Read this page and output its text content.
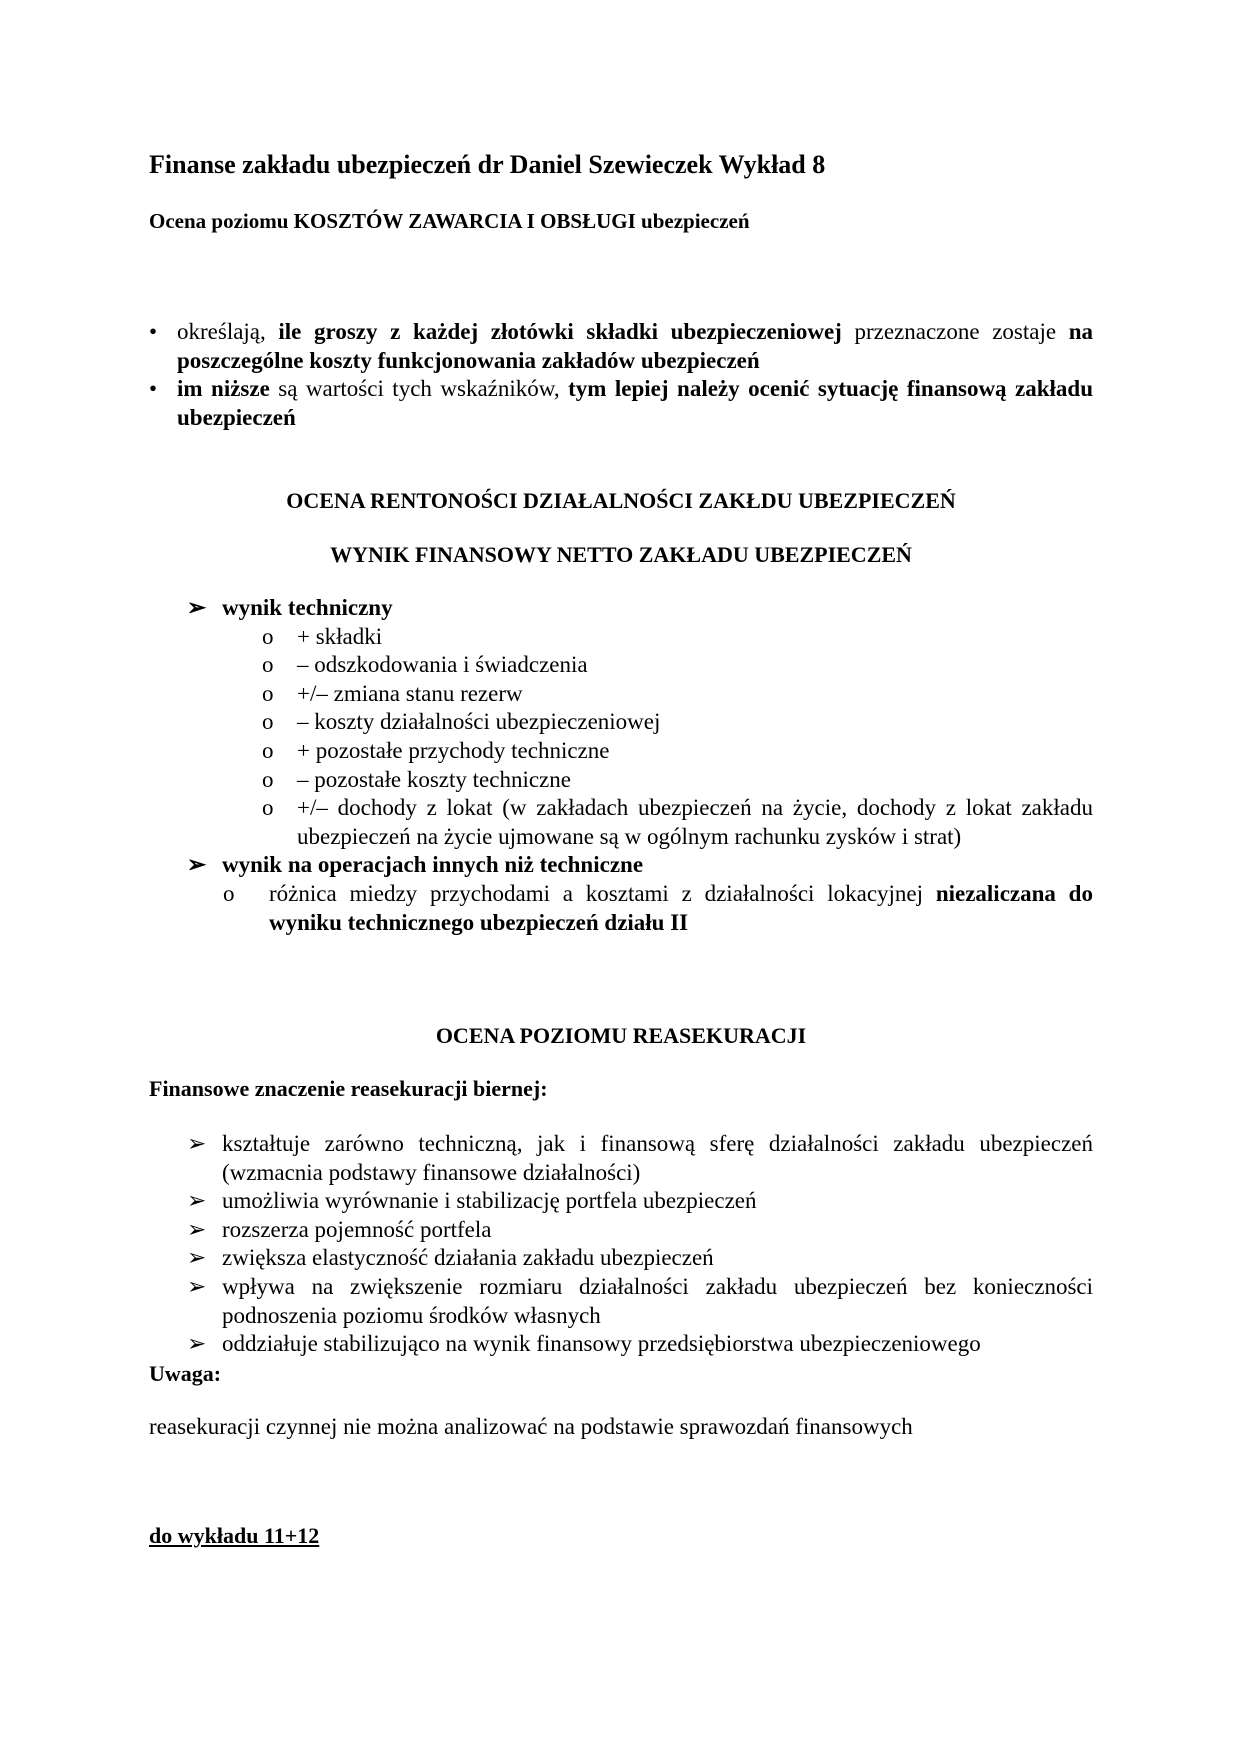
Finanse zakładu ubezpieczeń dr Daniel Szewieczek Wykład 8
Ocena poziomu KOSZTÓW ZAWARCIA I OBSŁUGI ubezpieczeń
• określają, ile groszy z każdej złotówki składki ubezpieczeniowej przeznaczone zostaje na poszczególne koszty funkcjonowania zakładów ubezpieczeń
• im niższe są wartości tych wskaźników, tym lepiej należy ocenić sytuację finansową zakładu ubezpieczeń
OCENA RENTONOŚCI DZIAŁALNOŚCI ZAKŁDU UBEZPIECZEŃ
WYNIK FINANSOWY NETTO ZAKŁADU UBEZPIECZEŃ
➢ wynik techniczny
o + składki
o – odszkodowania i świadczenia
o +/– zmiana stanu rezerw
o – koszty działalności ubezpieczeniowej
o + pozostałe przychody techniczne
o – pozostałe koszty techniczne
o +/– dochody z lokat (w zakładach ubezpieczeń na życie, dochody z lokat zakładu ubezpieczeń na życie ujmowane są w ogólnym rachunku zysków i strat)
➢ wynik na operacjach innych niż techniczne
o różnica miedzy przychodami a kosztami z działalności lokacyjnej niezaliczana do wyniku technicznego ubezpieczeń działu II
OCENA POZIOMU REASEKURACJI
Finansowe znaczenie reasekuracji biernej:
➢ kształtuje zarówno techniczną, jak i finansową sferę działalności zakładu ubezpieczeń (wzmacnia podstawy finansowe działalności)
➢ umożliwia wyrównanie i stabilizację portfela ubezpieczeń
➢ rozszerza pojemność portfela
➢ zwiększa elastyczność działania zakładu ubezpieczeń
➢ wpływa na zwiększenie rozmiaru działalności zakładu ubezpieczeń bez konieczności podnoszenia poziomu środków własnych
➢ oddziałuje stabilizująco na wynik finansowy przedsiębiorstwa ubezpieczeniowego
Uwaga:
reasekuracji czynnej nie można analizować na podstawie sprawozdań finansowych
do wykładu 11+12
